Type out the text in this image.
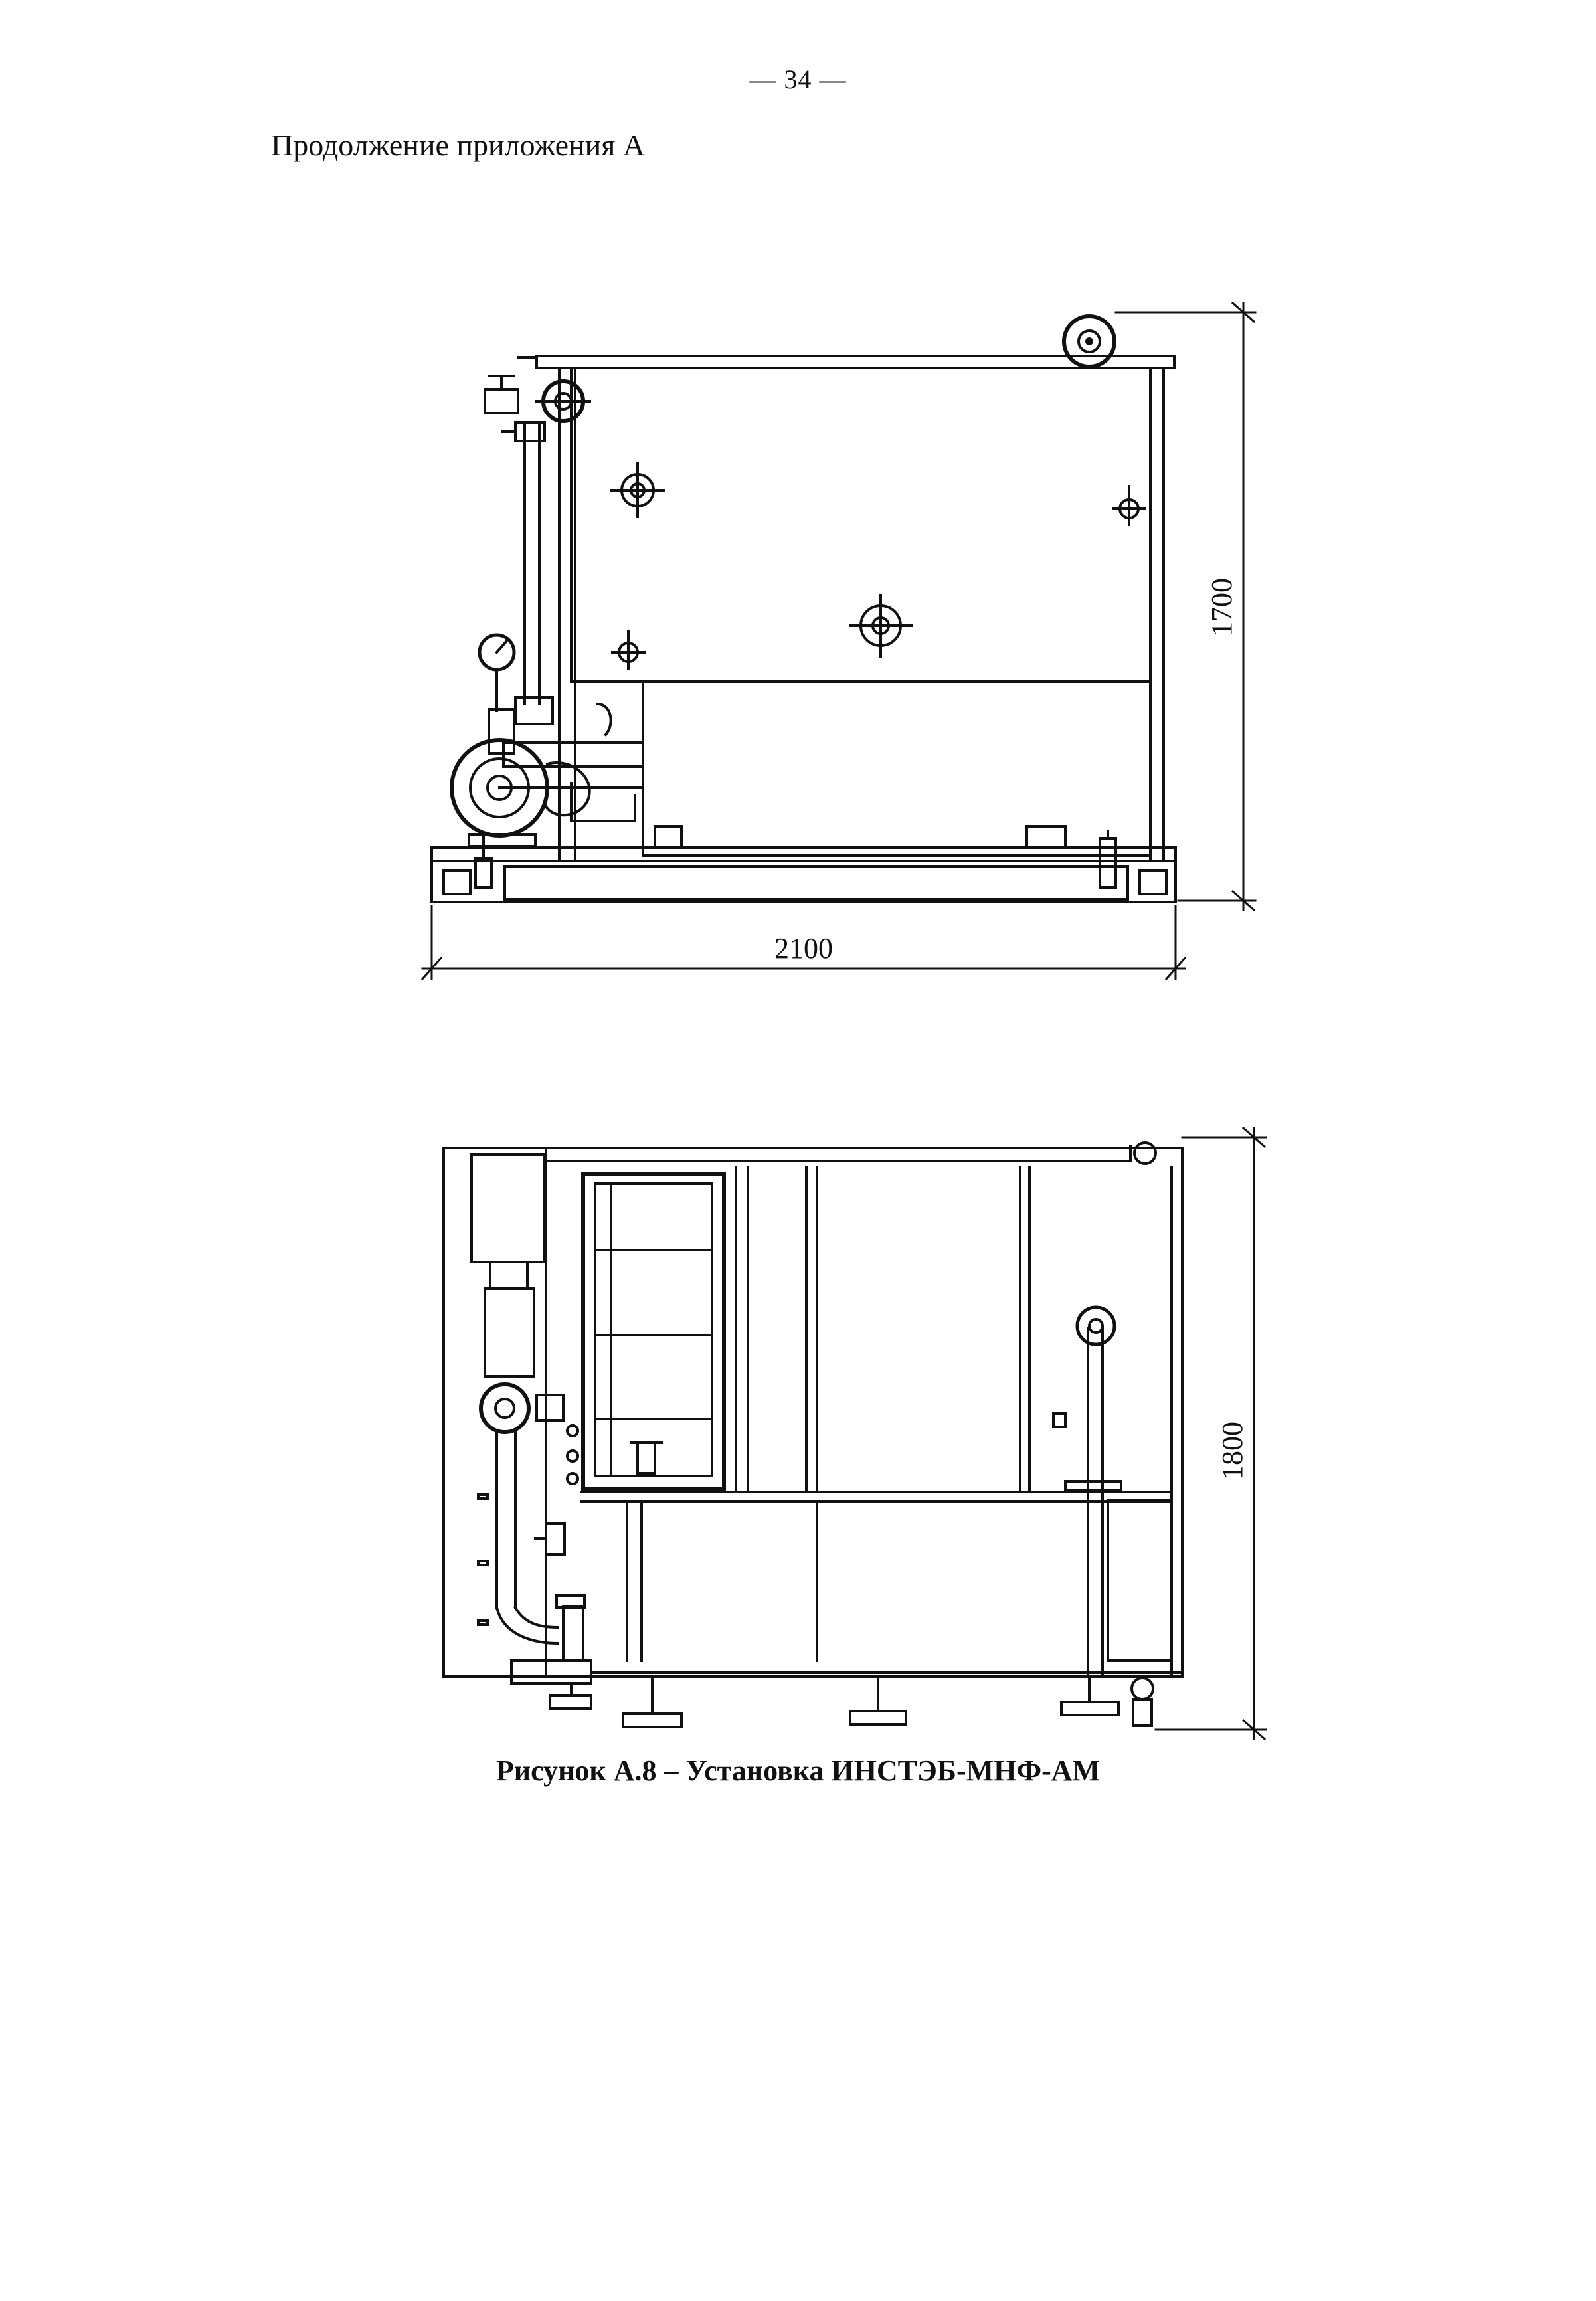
— 34 —
Продолжение приложения А
2100
1700
1800
Рисунок А.8 – Установка ИНСТЭБ-МНФ-АМ
